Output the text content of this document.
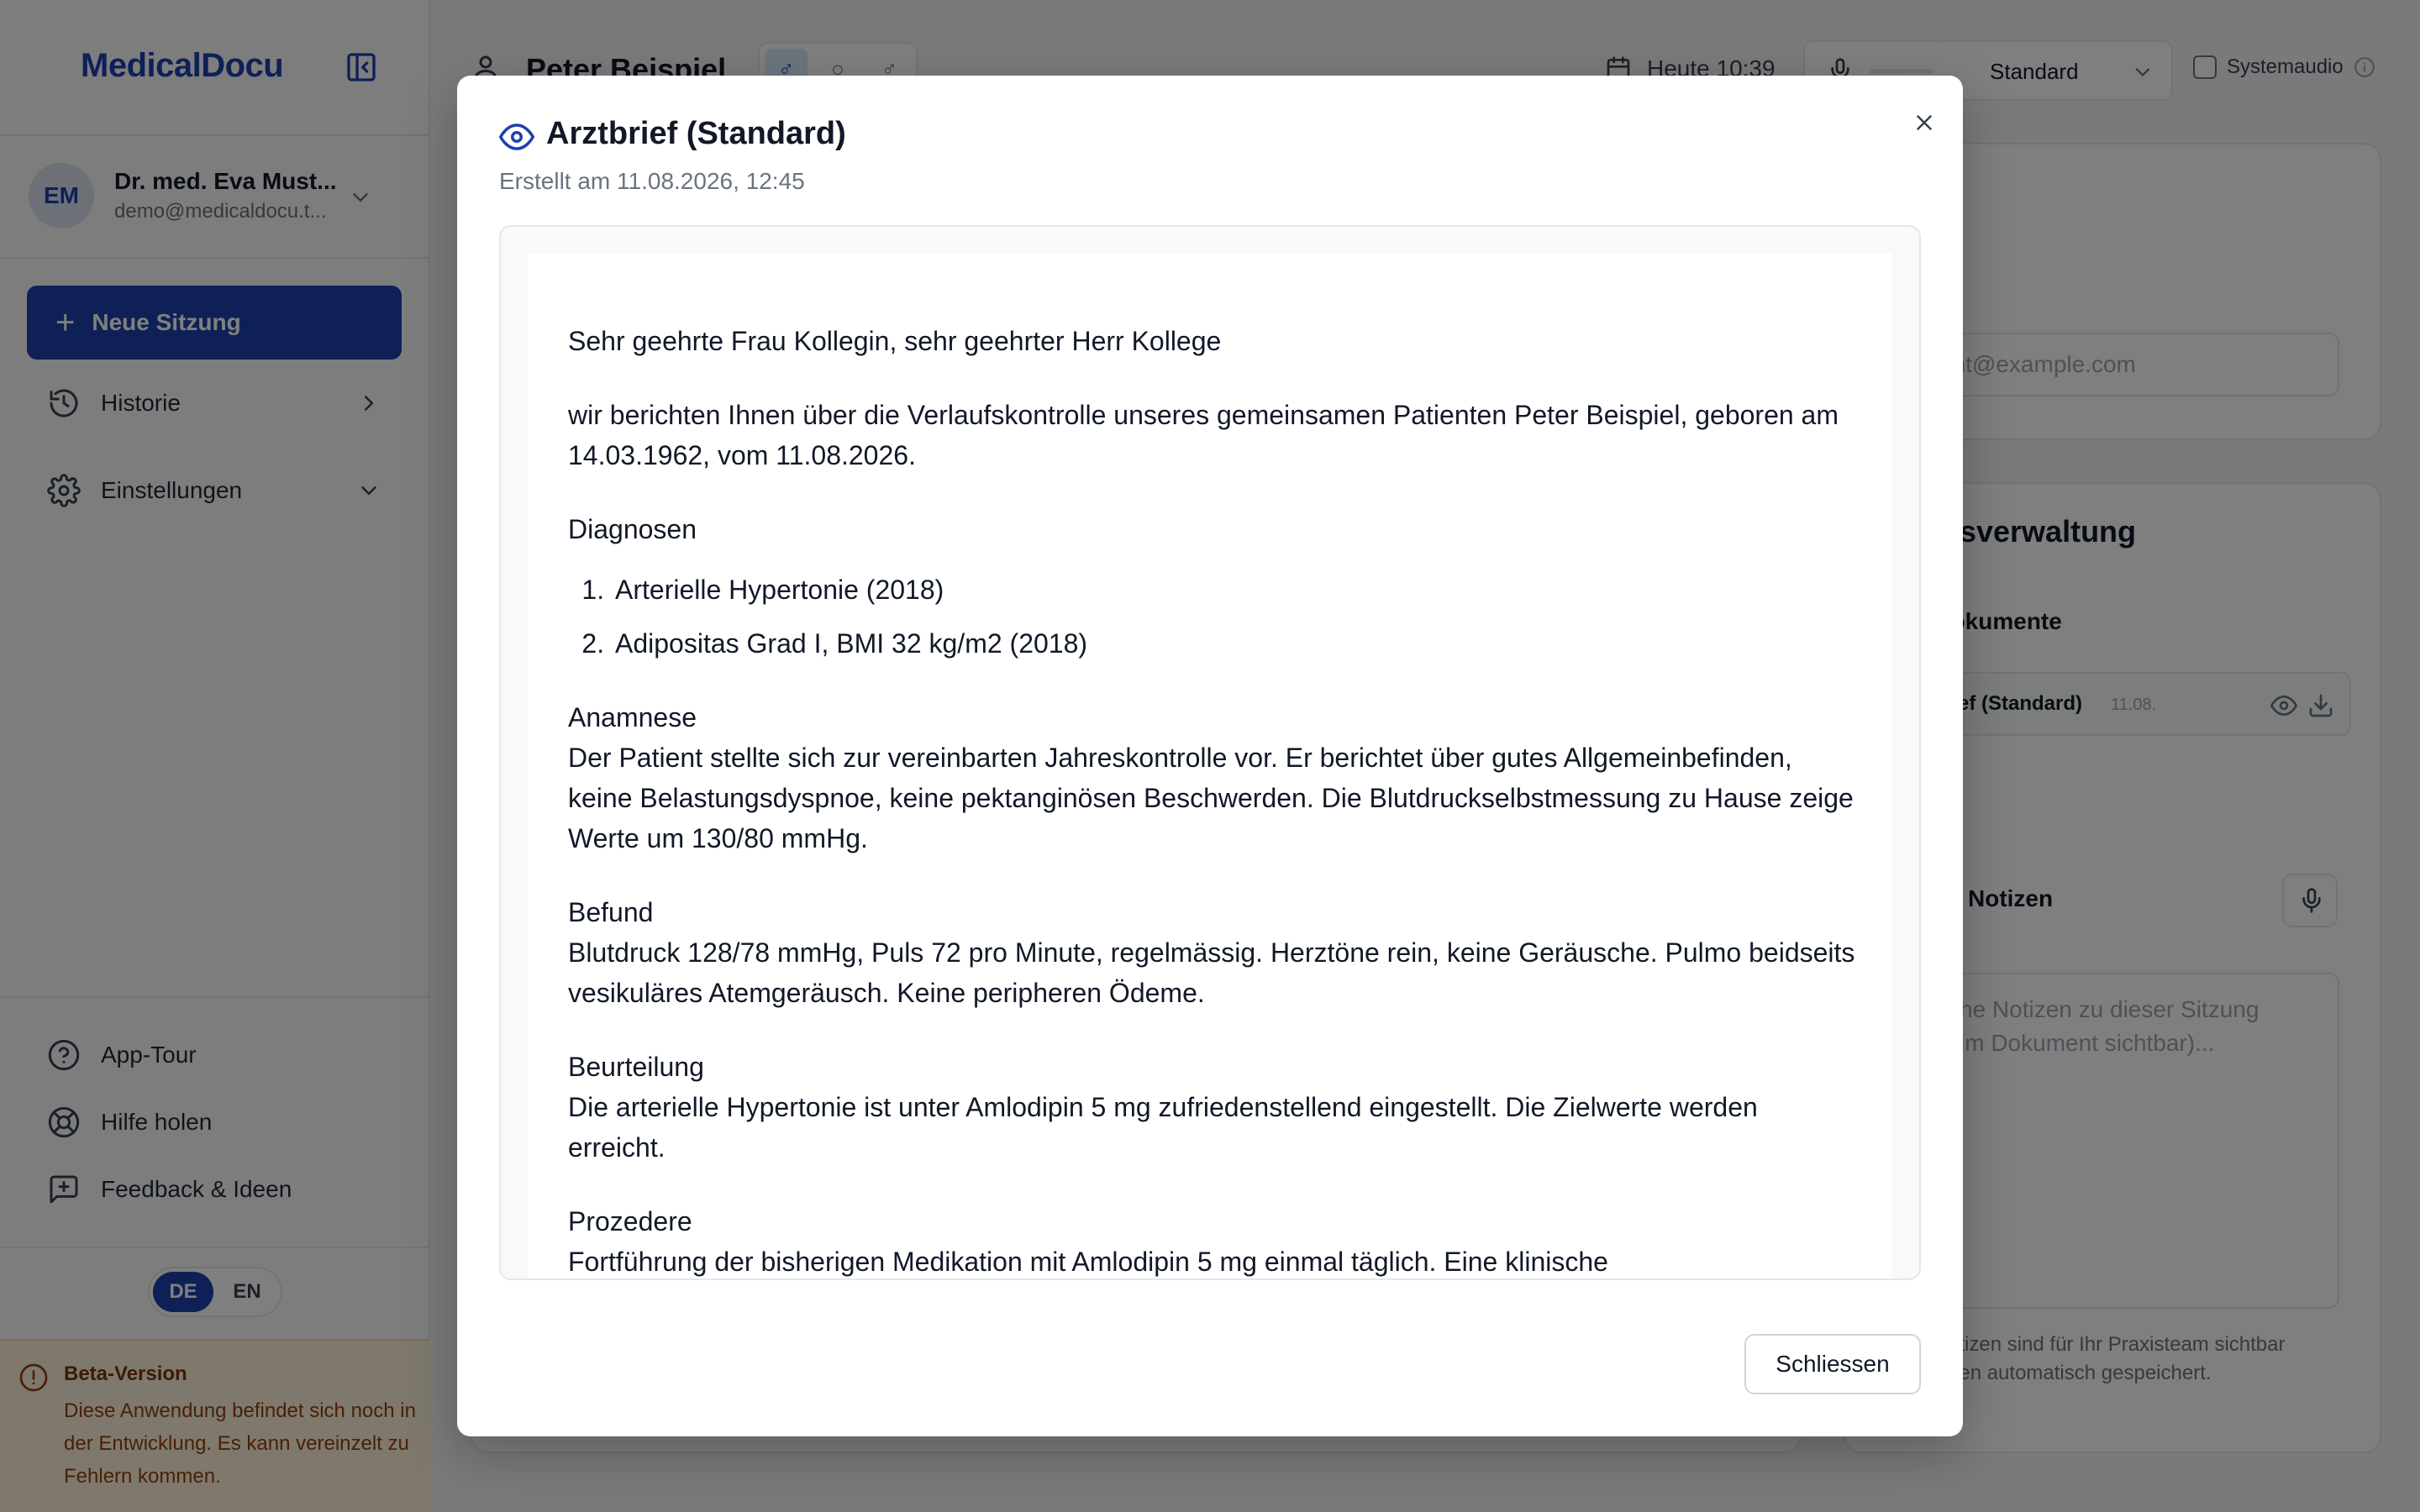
Arztbrief (Standard)
Erstellt am 11.08.2026, 12:45

Sehr geehrte Frau Kollegin, sehr geehrter Herr Kollege

wir berichten Ihnen über die Verlaufskontrolle unseres gemeinsamen Patienten Peter Beispiel, geboren am 14.03.1962, vom 11.08.2026.

Diagnosen

1. Arterielle Hypertonie (2018)
2. Adipositas Grad I, BMI 32 kg/m2 (2018)
Anamnese

Der Patient stellte sich zur vereinbarten Jahreskontrolle vor. Er berichtet über gutes Allgemeinbefinden, keine Belastungsdyspnoe, keine pektanginösen Beschwerden. Die Blutdruckselbstmessung zu Hause zeige Werte um 130/80 mmHg.

Befund

Blutdruck 128/78 mmHg, Puls 72 pro Minute, regelmässig. Herztöne rein, keine Geräusche. Pulmo beidseits vesikuläres Atemgeräusch. Keine peripheren Ödeme.

Beurteilung

Die arterielle Hypertonie ist unter Amlodipin 5 mg zufriedenstellend eingestellt. Die Zielwerte werden erreicht.

Prozedere

Fortführung der bisherigen Medikation mit Amlodipin 5 mg einmal täglich. Eine klinische

Schliessen
